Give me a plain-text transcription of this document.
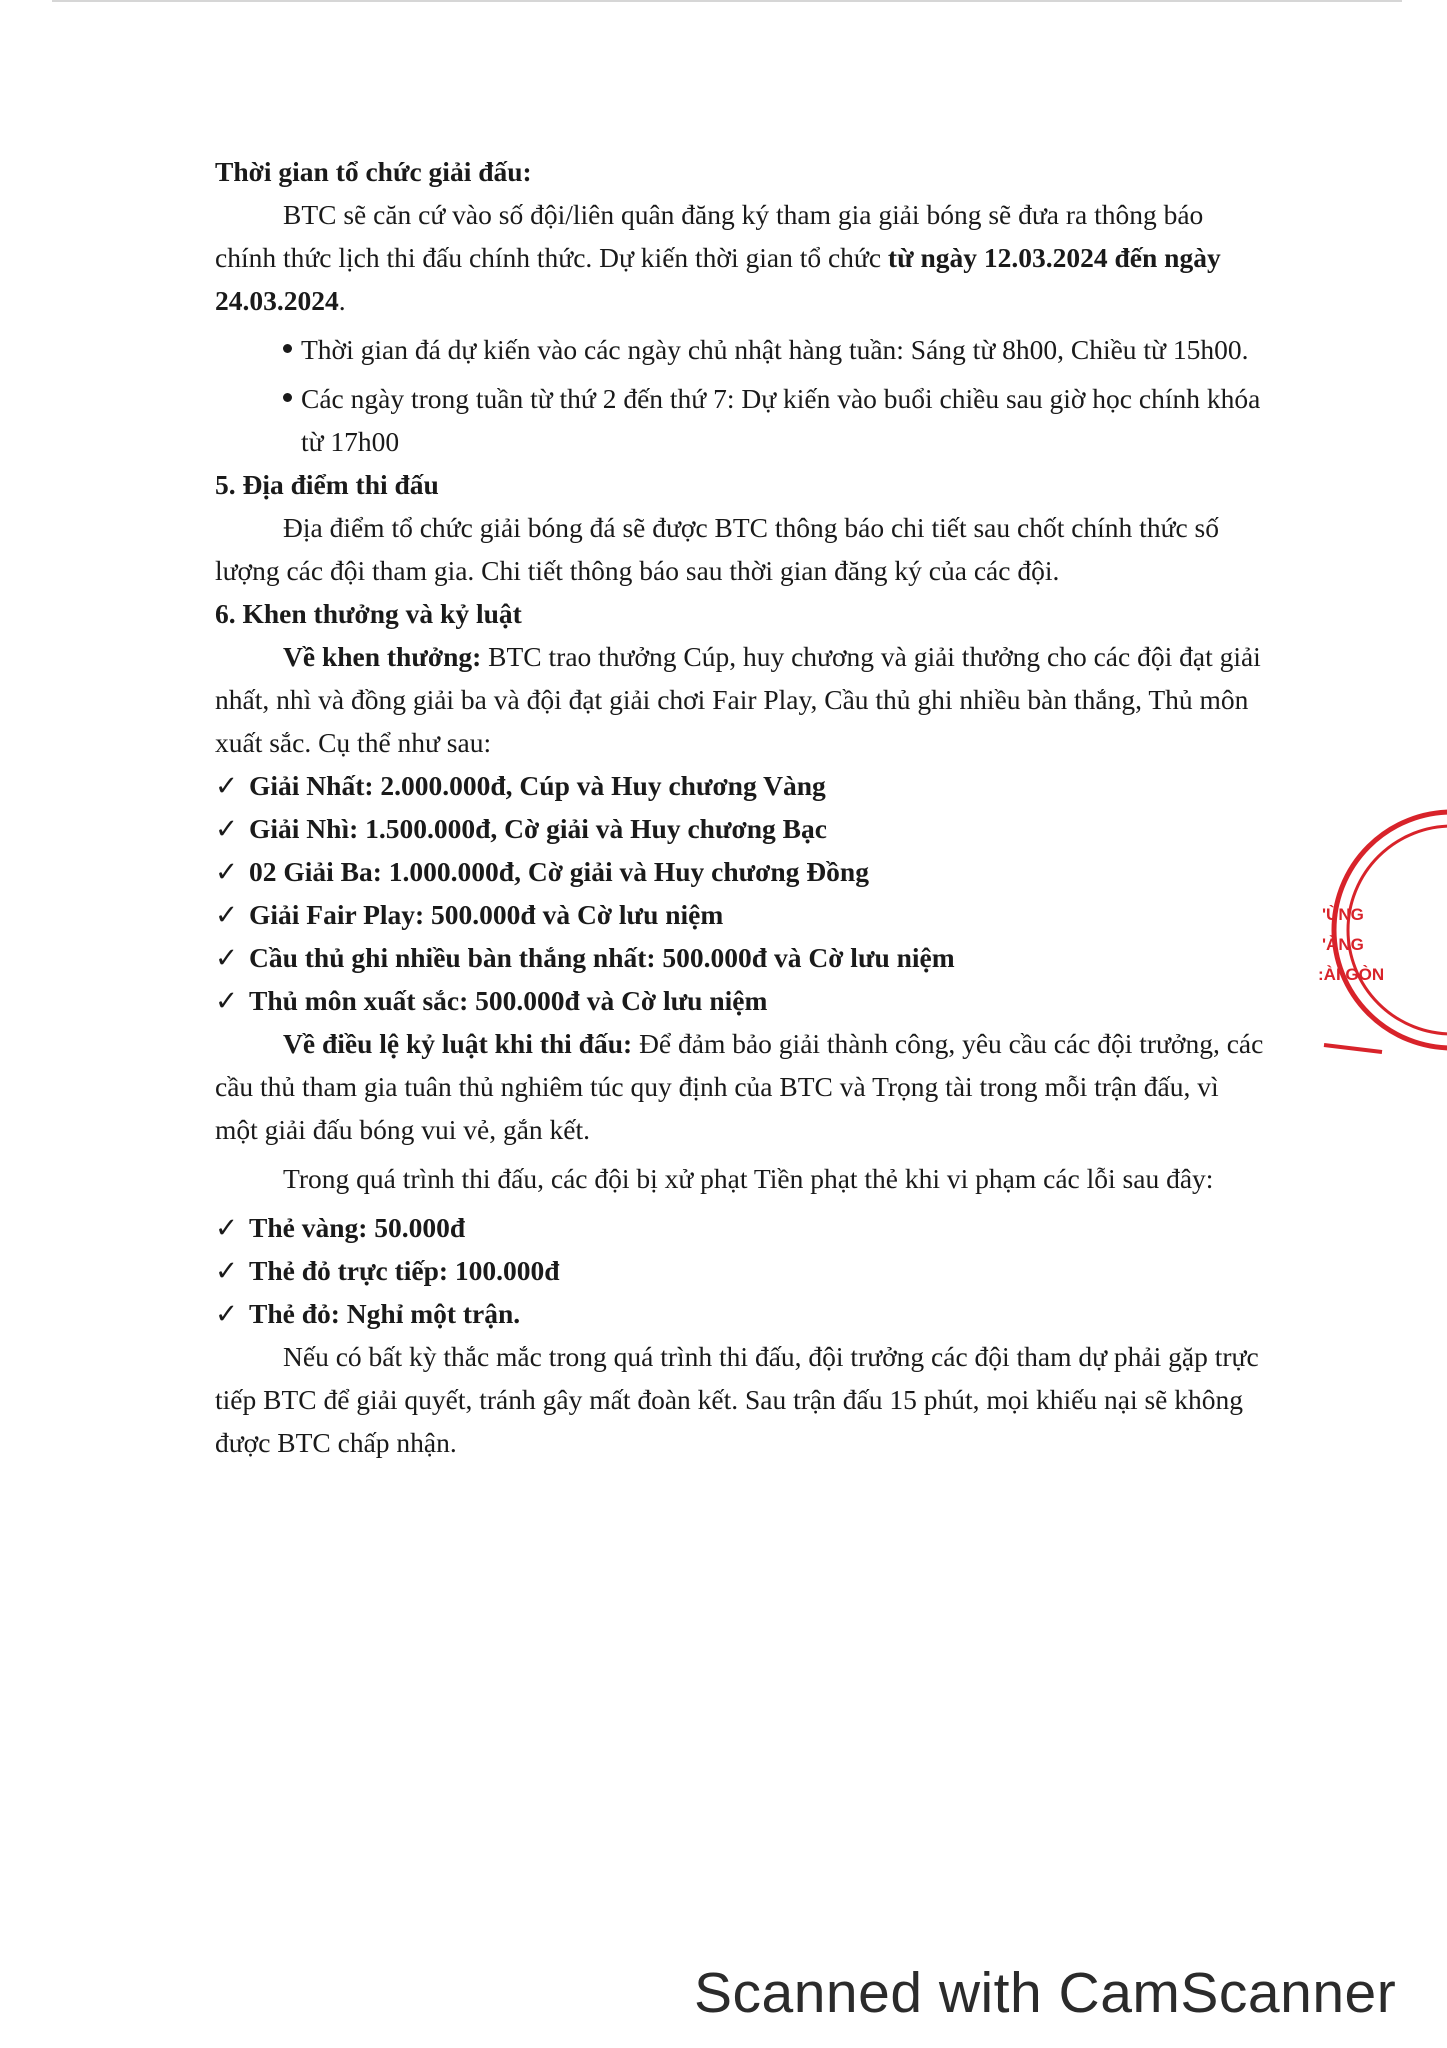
Thời gian tổ chức giải đấu:

BTC sẽ căn cứ vào số đội/liên quân đăng ký tham gia giải bóng sẽ đưa ra thông báo chính thức lịch thi đấu chính thức. Dự kiến thời gian tổ chức từ ngày 12.03.2024 đến ngày 24.03.2024.

Thời gian đá dự kiến vào các ngày chủ nhật hàng tuần: Sáng từ 8h00, Chiều từ 15h00.

Các ngày trong tuần từ thứ 2 đến thứ 7: Dự kiến vào buổi chiều sau giờ học chính khóa từ 17h00

5. Địa điểm thi đấu

Địa điểm tổ chức giải bóng đá sẽ được BTC thông báo chi tiết sau chốt chính thức số lượng các đội tham gia. Chi tiết thông báo sau thời gian đăng ký của các đội.

6. Khen thưởng và kỷ luật

Về khen thưởng: BTC trao thưởng Cúp, huy chương và giải thưởng cho các đội đạt giải nhất, nhì và đồng giải ba và đội đạt giải chơi Fair Play, Cầu thủ ghi nhiều bàn thắng, Thủ môn xuất sắc. Cụ thể như sau:

✓ Giải Nhất: 2.000.000đ, Cúp và Huy chương Vàng

✓ Giải Nhì: 1.500.000đ, Cờ giải và Huy chương Bạc

✓ 02 Giải Ba: 1.000.000đ, Cờ giải và Huy chương Đồng

✓ Giải Fair Play: 500.000đ và Cờ lưu niệm

✓ Cầu thủ ghi nhiều bàn thắng nhất: 500.000đ và Cờ lưu niệm

✓ Thủ môn xuất sắc: 500.000đ và Cờ lưu niệm

Về điều lệ kỷ luật khi thi đấu: Để đảm bảo giải thành công, yêu cầu các đội trưởng, các cầu thủ tham gia tuân thủ nghiêm túc quy định của BTC và Trọng tài trong mỗi trận đấu, vì một giải đấu bóng vui vẻ, gắn kết.

Trong quá trình thi đấu, các đội bị xử phạt Tiền phạt thẻ khi vi phạm các lỗi sau đây:

✓ Thẻ vàng: 50.000đ

✓ Thẻ đỏ trực tiếp: 100.000đ

✓ Thẻ đỏ: Nghỉ một trận.

Nếu có bất kỳ thắc mắc trong quá trình thi đấu, đội trưởng các đội tham dự phải gặp trực tiếp BTC để giải quyết, tránh gây mất đoàn kết. Sau trận đấu 15 phút, mọi khiếu nại sẽ không được BTC chấp nhận.

'ÙNG
'ÀNG
:ÀI GÒN
Scanned with CamScanner
